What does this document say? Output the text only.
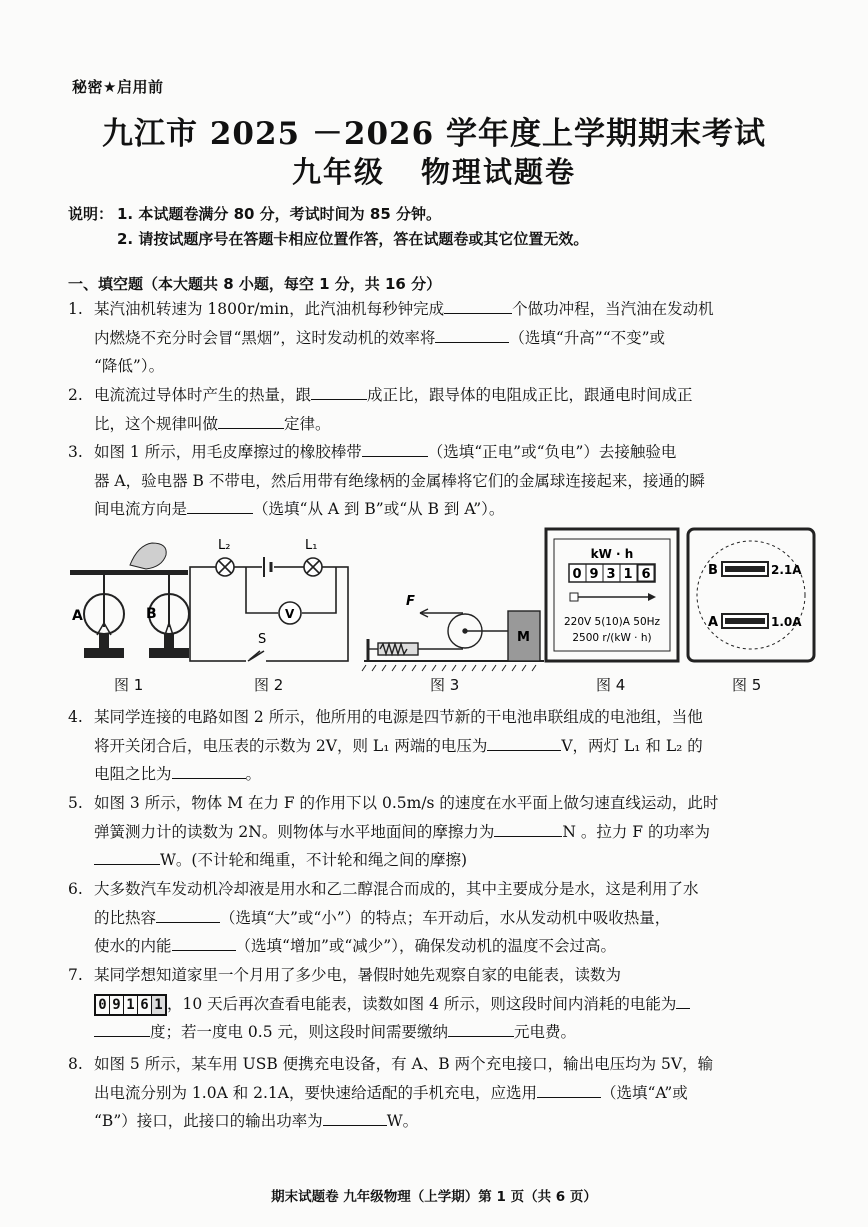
秘密★启用前
九江市 2025 －2026 学年度上学期期末考试
九年级 物理试题卷
说明： 1. 本试题卷满分 80 分，考试时间为 85 分钟。
2. 请按试题序号在答题卡相应位置作答，答在试题卷或其它位置无效。
一、填空题（本大题共 8 小题，每空 1 分，共 16 分）
1. 某汽油机转速为 1800r/min，此汽油机每秒钟完成	个做功冲程，当汽油在发动机
内燃烧不充分时会冒“黑烟”，这时发动机的效率将	（选填“升高”“不变”或
“降低”）。
2. 电流流过导体时产生的热量，跟	成正比，跟导体的电阻成正比，跟通电时间成正
比，这个规律叫做	定律。
3. 如图 1 所示，用毛皮摩擦过的橡胶棒带	（选填“正电”或“负电”）去接触验电
器 A，验电器 B 不带电，然后用带有绝缘柄的金属棒将它们的金属球连接起来，接通的瞬
间电流方向是	（选填“从 A 到 B”或“从 B 到 A”）。
A	B
L₂	L₁
V
S
F
M
kW · h
0 9 3 1 6
220V 5(10)A 50Hz
2500 r/(kW · h)
B	2.1A
A	1.0A
图 1	图 2	图 3	图 4	图 5
4. 某同学连接的电路如图 2 所示，他所用的电源是四节新的干电池串联组成的电池组，当他
将开关闭合后，电压表的示数为 2V，则 L₁ 两端的电压为	V，两灯 L₁ 和 L₂ 的
电阻之比为	。
5. 如图 3 所示，物体 M 在力 F 的作用下以 0.5m/s 的速度在水平面上做匀速直线运动，此时
弹簧测力计的读数为 2N。则物体与水平地面间的摩擦力为	N 。拉力 F 的功率为
W。(不计轮和绳重，不计轮和绳之间的摩擦)
6. 大多数汽车发动机冷却液是用水和乙二醇混合而成的，其中主要成分是水，这是利用了水
的比热容	（选填“大”或“小”）的特点；车开动后，水从发动机中吸收热量，
使水的内能	（选填“增加”或“减少”），确保发动机的温度不会过高。
7. 某同学想知道家里一个月用了多少电，暑假时她先观察自家的电能表，读数为
0 9 1 6 1 ，10 天后再次查看电能表，读数如图 4 所示，则这段时间内消耗的电能为
度；若一度电 0.5 元，则这段时间需要缴纳	元电费。
8. 如图 5 所示，某车用 USB 便携充电设备，有 A、B 两个充电接口，输出电压均为 5V，输
出电流分别为 1.0A 和 2.1A，要快速给适配的手机充电，应选用	（选填“A”或
“B”）接口，此接口的输出功率为	W。
期末试题卷 九年级物理（上学期）第 1 页（共 6 页）
